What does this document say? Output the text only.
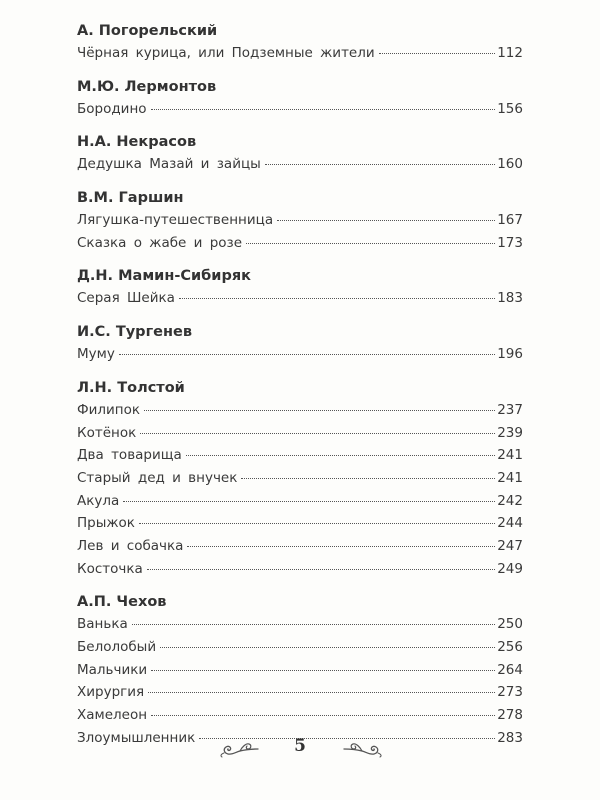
А. Погорельский
Чёрная курица, или Подземные жители	112
М.Ю. Лермонтов
Бородино	156
Н.А. Некрасов
Дедушка Мазай и зайцы	160
В.М. Гаршин
Лягушка-путешественница	167
Сказка о жабе и розе	173
Д.Н. Мамин-Сибиряк
Серая Шейка	183
И.С. Тургенев
Муму	196
Л.Н. Толстой
Филипок	237
Котёнок	239
Два товарища	241
Старый дед и внучек	241
Акула	242
Прыжок	244
Лев и собачка	247
Косточка	249
А.П. Чехов
Ванька	250
Белолобый	256
Мальчики	264
Хирургия	273
Хамелеон	278
Злоумышленник	283
5
